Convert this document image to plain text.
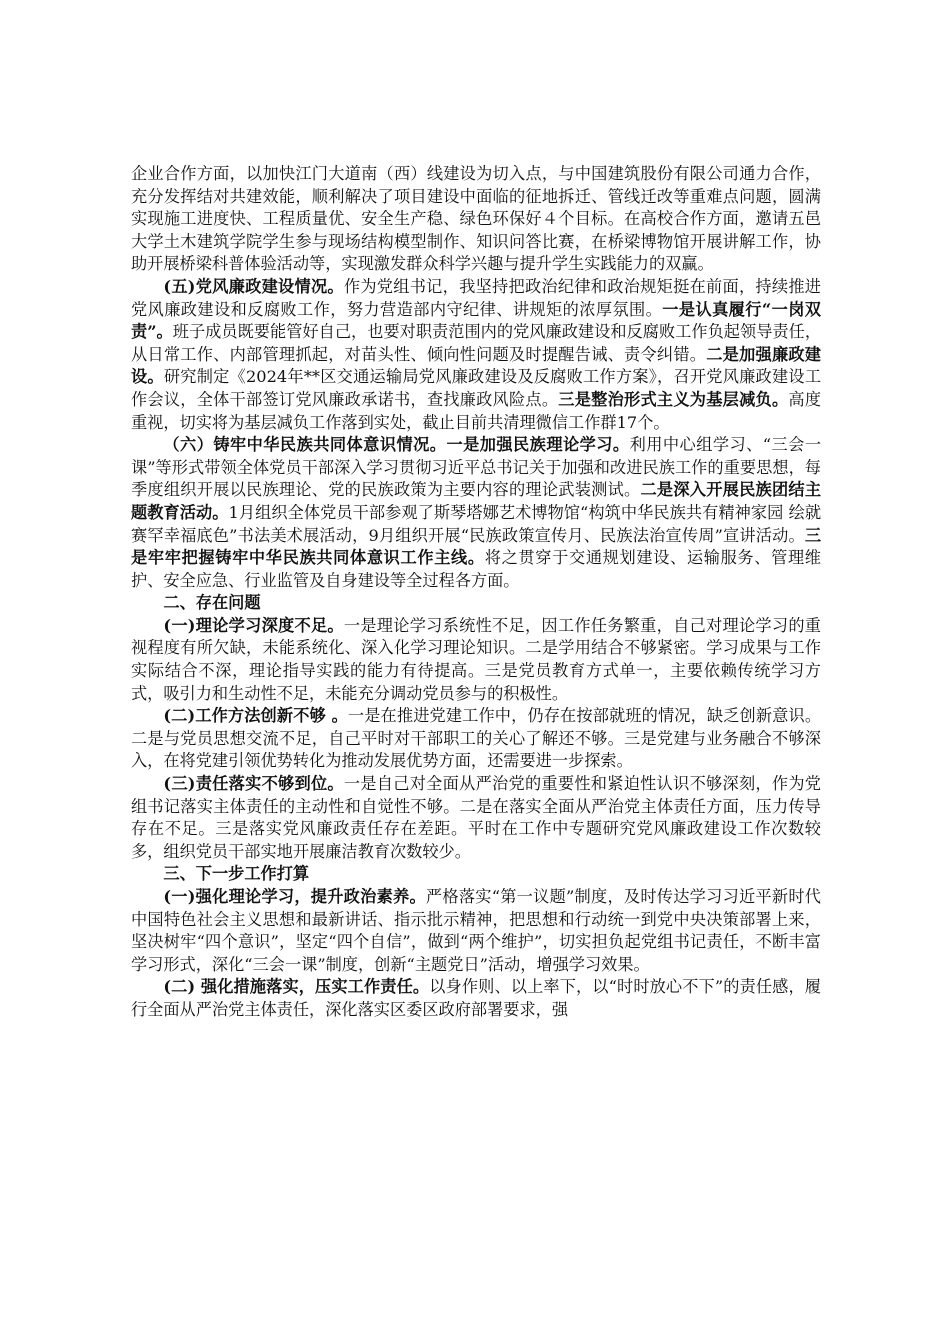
企业合作方面，以加快江门大道南（西）线建设为切入点，与中国建筑股份有限公司通力合作，充分发挥结对共建效能，顺利解决了项目建设中面临的征地拆迁、管线迁改等重难点问题，圆满实现施工进度快、工程质量优、安全生产稳、绿色环保好４个目标。在高校合作方面，邀请五邑大学土木建筑学院学生参与现场结构模型制作、知识问答比赛，在桥梁博物馆开展讲解工作，协助开展桥梁科普体验活动等，实现激发群众科学兴趣与提升学生实践能力的双赢。

(五)党风廉政建设情况。作为党组书记，我坚持把政治纪律和政治规矩挺在前面，持续推进党风廉政建设和反腐败工作，努力营造部内守纪律、讲规矩的浓厚氛围。一是认真履行“一岗双责”。班子成员既要能管好自己，也要对职责范围内的党风廉政建设和反腐败工作负起领导责任，从日常工作、内部管理抓起，对苗头性、倾向性问题及时提醒告诫、责令纠错。二是加强廉政建设。研究制定《2024年**区交通运输局党风廉政建设及反腐败工作方案》，召开党风廉政建设工作会议，全体干部签订党风廉政承诺书，查找廉政风险点。三是整治形式主义为基层减负。高度重视，切实将为基层减负工作落到实处，截止目前共清理微信工作群17个。

（六）铸牢中华民族共同体意识情况。一是加强民族理论学习。利用中心组学习、“三会一课”等形式带领全体党员干部深入学习贯彻习近平总书记关于加强和改进民族工作的重要思想，每季度组织开展以民族理论、党的民族政策为主要内容的理论武装测试。二是深入开展民族团结主题教育活动。1月组织全体党员干部参观了斯琴塔娜艺术博物馆“构筑中华民族共有精神家园 绘就赛罕幸福底色”书法美术展活动，9月组织开展“民族政策宣传月、民族法治宣传周”宣讲活动。三是牢牢把握铸牢中华民族共同体意识工作主线。将之贯穿于交通规划建设、运输服务、管理维护、安全应急、行业监管及自身建设等全过程各方面。

二、存在问题

(一)理论学习深度不足。一是理论学习系统性不足，因工作任务繁重，自己对理论学习的重视程度有所欠缺，未能系统化、深入化学习理论知识。二是学用结合不够紧密。学习成果与工作实际结合不深，理论指导实践的能力有待提高。三是党员教育方式单一，主要依赖传统学习方式，吸引力和生动性不足，未能充分调动党员参与的积极性。

(二)工作方法创新不够 。一是在推进党建工作中，仍存在按部就班的情况，缺乏创新意识。二是与党员思想交流不足，自己平时对干部职工的关心了解还不够。三是党建与业务融合不够深入，在将党建引领优势转化为推动发展优势方面，还需要进一步探索。

(三)责任落实不够到位。一是自己对全面从严治党的重要性和紧迫性认识不够深刻，作为党组书记落实主体责任的主动性和自觉性不够。二是在落实全面从严治党主体责任方面，压力传导存在不足。三是落实党风廉政责任存在差距。平时在工作中专题研究党风廉政建设工作次数较多，组织党员干部实地开展廉洁教育次数较少。

三、下一步工作打算

(一)强化理论学习，提升政治素养。严格落实“第一议题”制度，及时传达学习习近平新时代中国特色社会主义思想和最新讲话、指示批示精神，把思想和行动统一到党中央决策部署上来，坚决树牢“四个意识”，坚定“四个自信”，做到“两个维护”，切实担负起党组书记责任，不断丰富学习形式，深化“三会一课”制度，创新“主题党日”活动，增强学习效果。

(二) 强化措施落实，压实工作责任。以身作则、以上率下，以“时时放心不下”的责任感，履行全面从严治党主体责任，深化落实区委区政府部署要求，强
